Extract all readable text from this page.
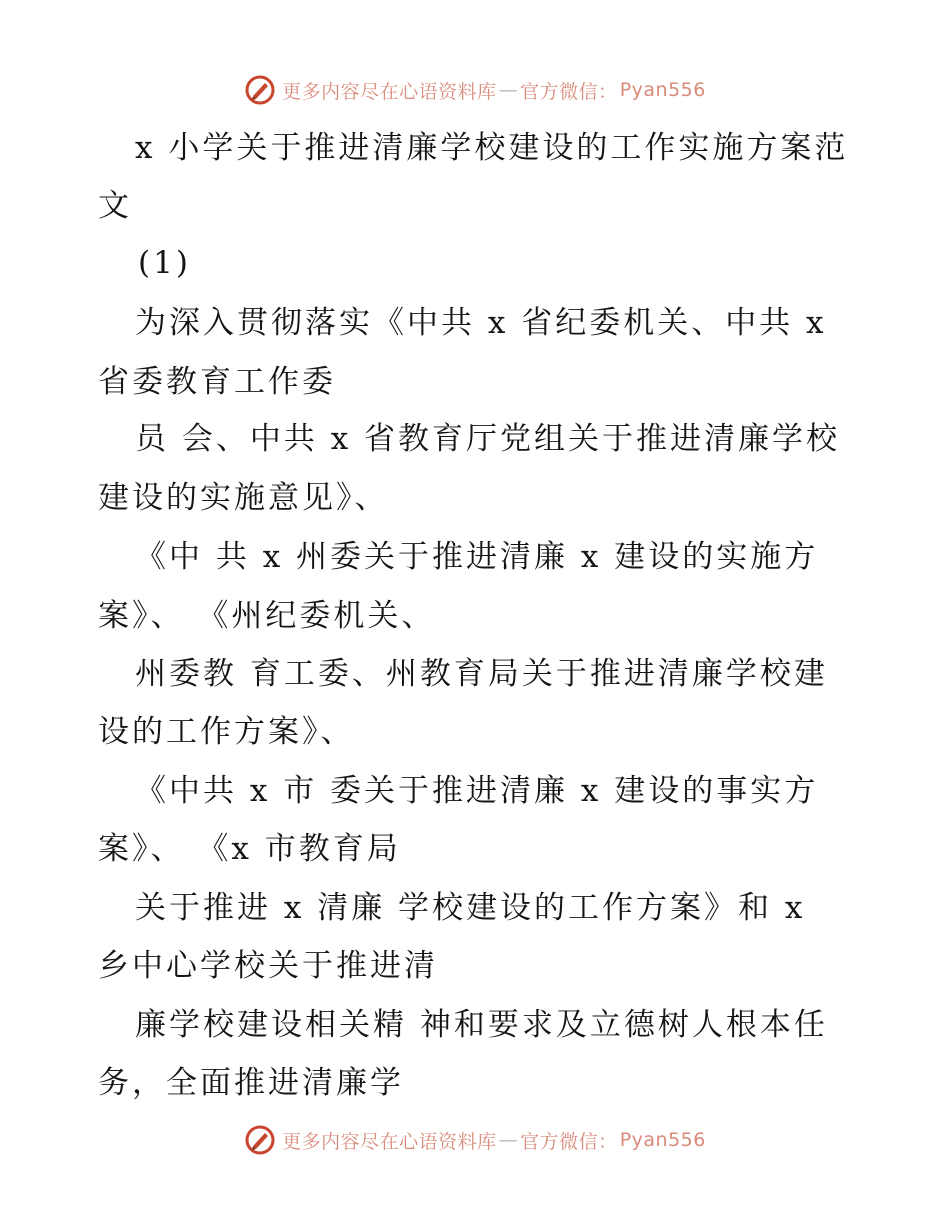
更多内容尽在心语资料库 — 官方微信： Pyan556
x 小学关于推进清廉学校建设的工作实施方案范
文
(1)
为深入贯彻落实《中共 x 省纪委机关、中共 x
省委教育工作委
员 会、中共 x 省教育厅党组关于推进清廉学校
建设的实施意见》、
《中 共 x 州委关于推进清廉 x 建设的实施方
案》、 《州纪委机关、
州委教 育工委、州教育局关于推进清廉学校建
设的工作方案》、
《中共 x 市 委关于推进清廉 x 建设的事实方
案》、 《x 市教育局
关于推进 x 清廉 学校建设的工作方案》和 x
乡中心学校关于推进清
廉学校建设相关精 神和要求及立德树人根本任
务，全面推进清廉学
更多内容尽在心语资料库 — 官方微信： Pyan556
